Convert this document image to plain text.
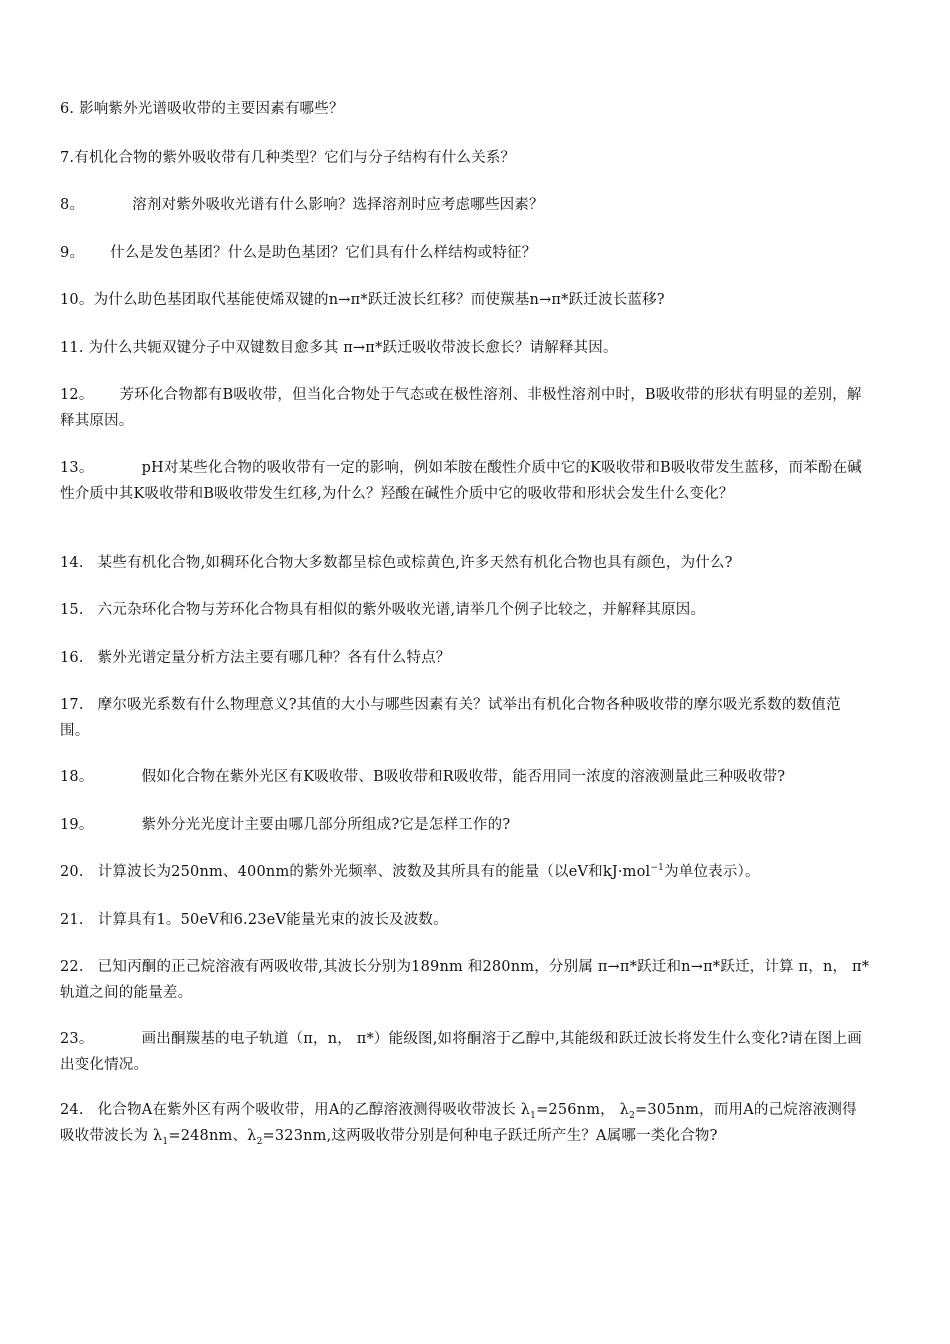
6. 影响紫外光谱吸收带的主要因素有哪些？
7.有机化合物的紫外吸收带有几种类型？它们与分子结构有什么关系？
8。	溶剂对紫外吸收光谱有什么影响？选择溶剂时应考虑哪些因素？
9。 什么是发色基团？什么是助色基团？它们具有什么样结构或特征？
10。为什么助色基团取代基能使烯双键的n→π*跃迁波长红移？而使羰基n→π*跃迁波长蓝移?
11. 为什么共轭双键分子中双键数目愈多其 π→π*跃迁吸收带波长愈长？请解释其因。
12。 芳环化合物都有B吸收带，但当化合物处于气态或在极性溶剂、非极性溶剂中时，B吸收带的形状有明显的差别，解释其原因。
13。	pH对某些化合物的吸收带有一定的影响，例如苯胺在酸性介质中它的K吸收带和B吸收带发生蓝移，而苯酚在碱性介质中其K吸收带和B吸收带发生红移,为什么？羟酸在碱性介质中它的吸收带和形状会发生什么变化？
14. 某些有机化合物,如稠环化合物大多数都呈棕色或棕黄色,许多天然有机化合物也具有颜色，为什么?
15. 六元杂环化合物与芳环化合物具有相似的紫外吸收光谱,请举几个例子比较之，并解释其原因。
16. 紫外光谱定量分析方法主要有哪几种？各有什么特点？
17. 摩尔吸光系数有什么物理意义?其值的大小与哪些因素有关？试举出有机化合物各种吸收带的摩尔吸光系数的数值范围。
18。	假如化合物在紫外光区有K吸收带、B吸收带和R吸收带，能否用同一浓度的溶液测量此三种吸收带?
19。	紫外分光光度计主要由哪几部分所组成?它是怎样工作的?
20. 计算波长为250nm、400nm的紫外光频率、波数及其所具有的能量（以eV和kJ·mol$^{-1}$为单位表示）。
21. 计算具有1。50eV和6.23eV能量光束的波长及波数。
22. 已知丙酮的正己烷溶液有两吸收带,其波长分别为189nm 和280nm，分别属 π→π*跃迁和n→π*跃迁，计算 π，n， π* 轨道之间的能量差。
23。	画出酮羰基的电子轨道（π，n， π*）能级图,如将酮溶于乙醇中,其能级和跃迁波长将发生什么变化?请在图上画出变化情况。
24. 化合物A在紫外区有两个吸收带，用A的乙醇溶液测得吸收带波长 $\lambda_1=256nm$， $\lambda_2=305nm$，而用A的己烷溶液测得吸收带波长为 $\lambda_1=248nm$、$\lambda_2=323nm$,这两吸收带分别是何种电子跃迁所产生？A属哪一类化合物?
